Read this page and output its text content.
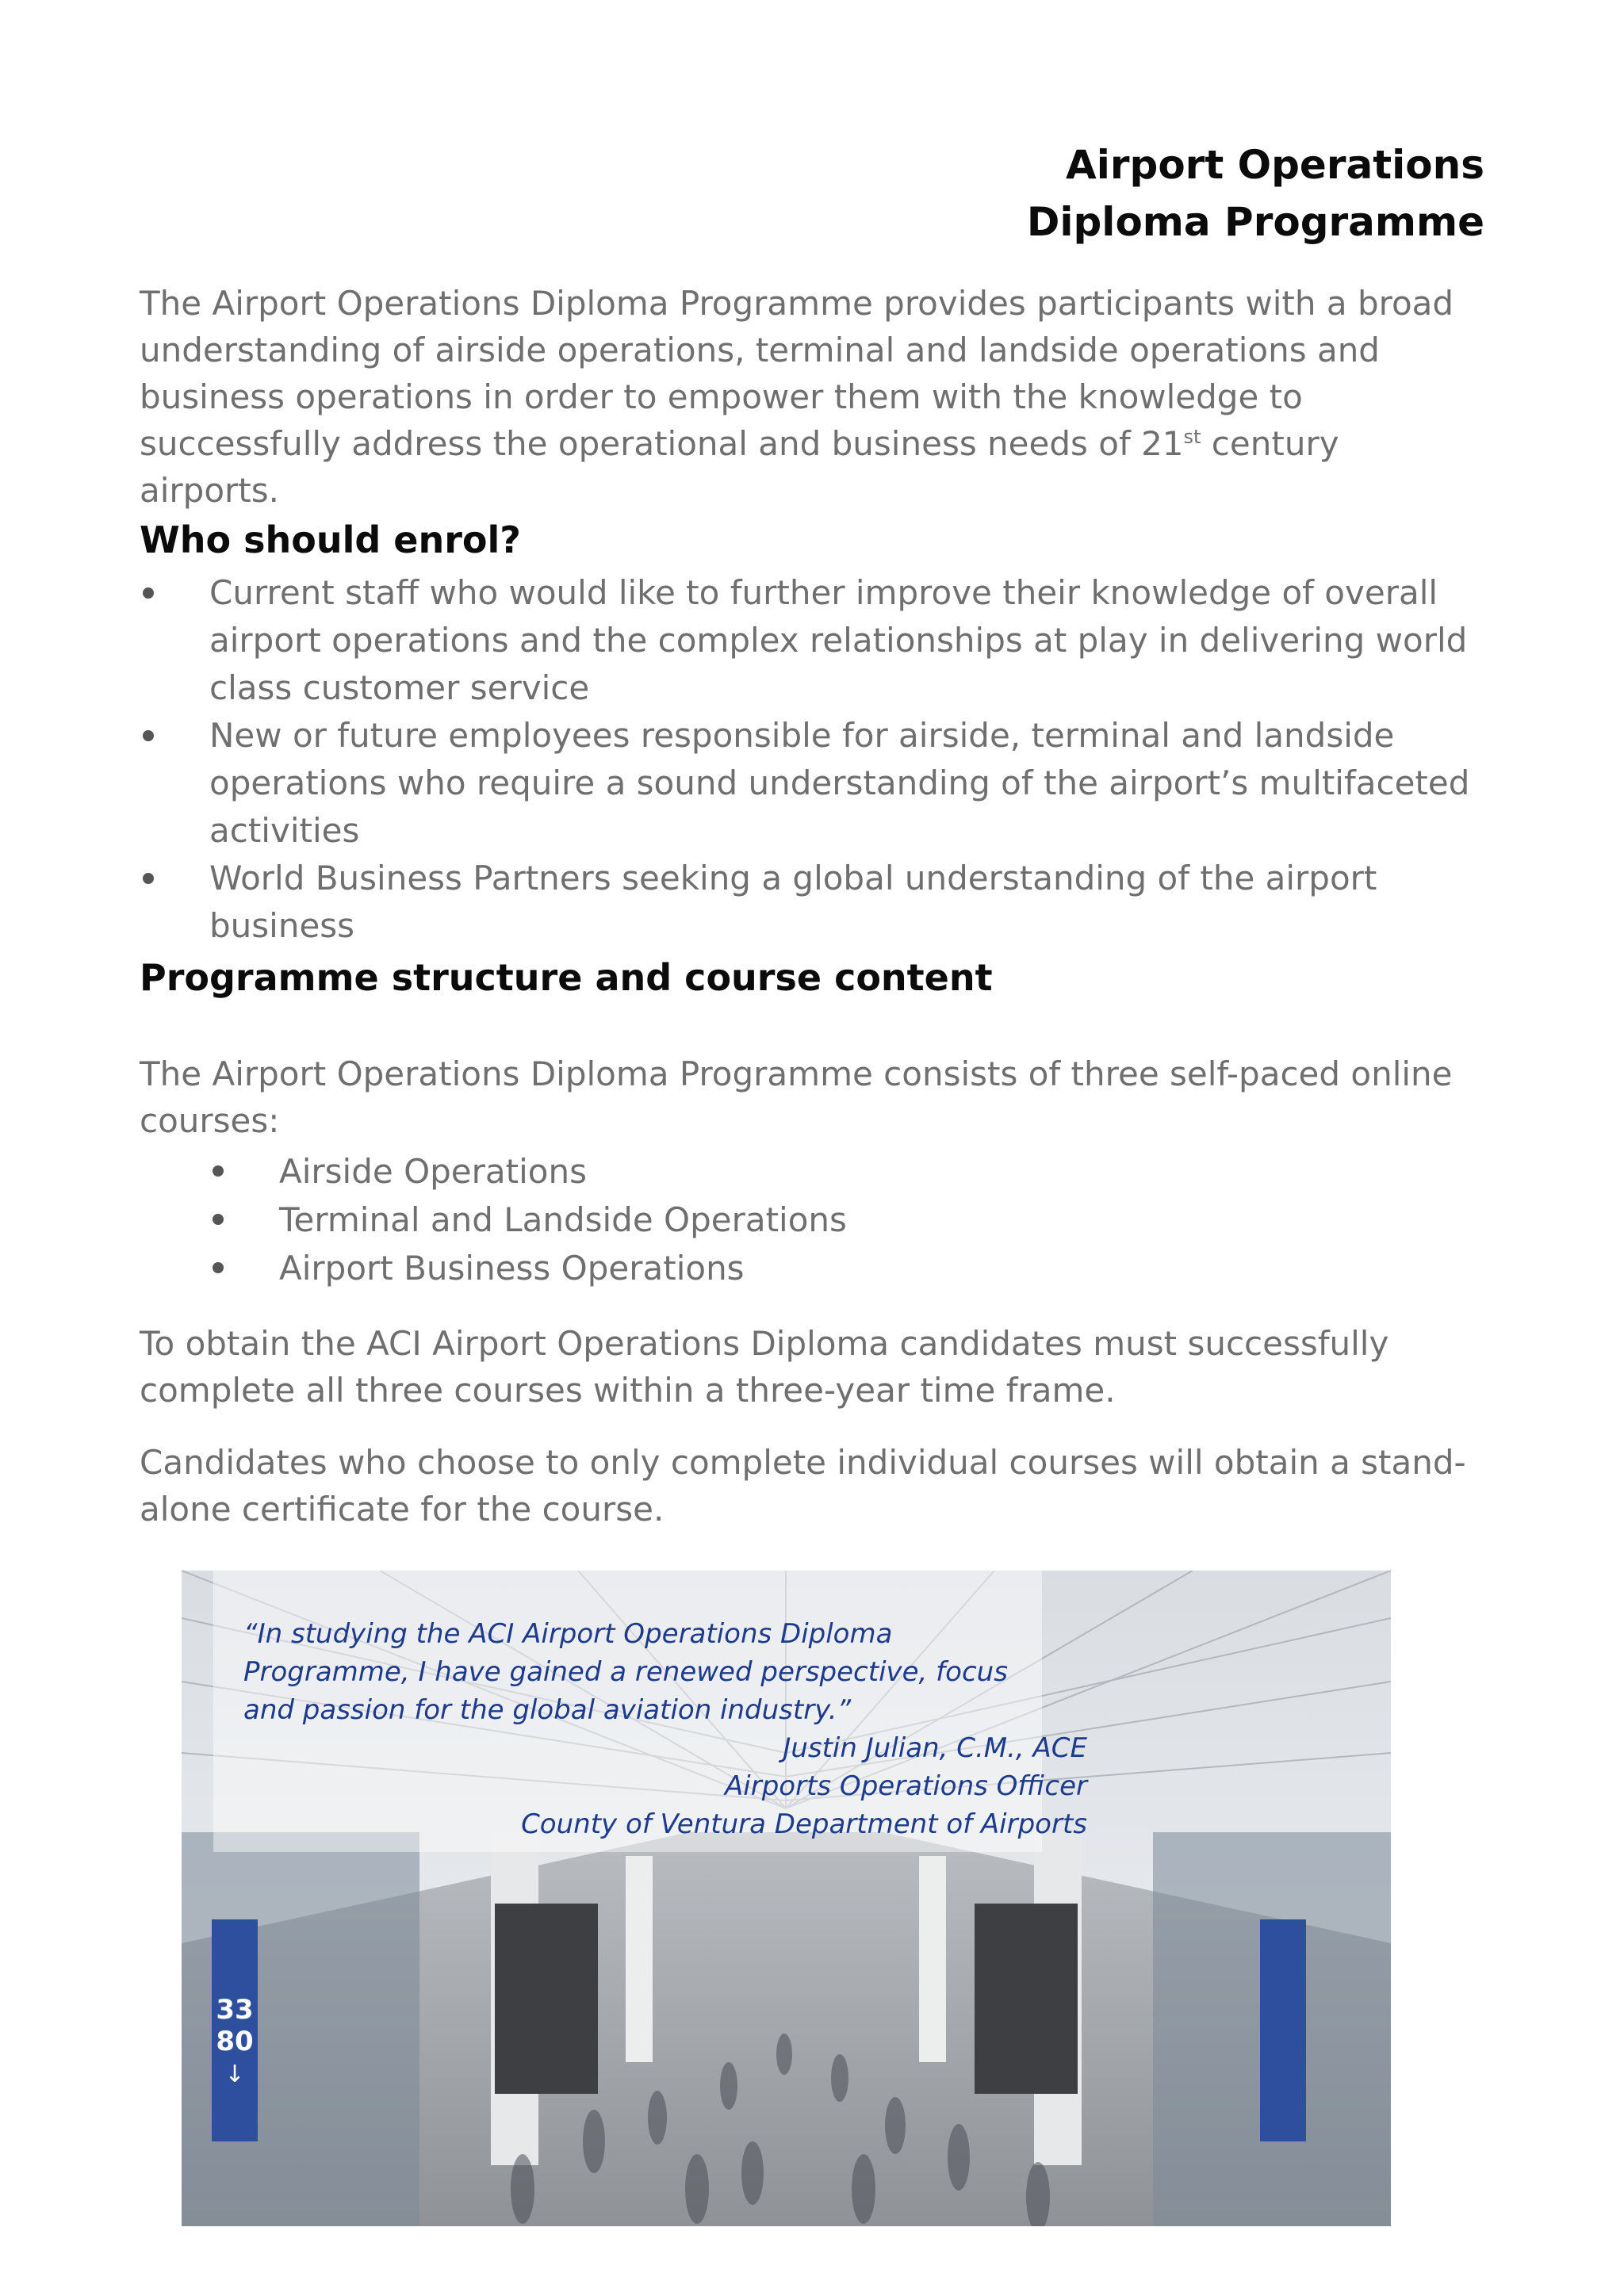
Airport Operations
Diploma Programme
The Airport Operations Diploma Programme provides participants with a broad understanding of airside operations, terminal and landside operations and business operations in order to empower them with the knowledge to successfully address the operational and business needs of 21st century airports.
Who should enrol?
Current staff who would like to further improve their knowledge of overall airport operations and the complex relationships at play in delivering world class customer service
New or future employees responsible for airside, terminal and landside operations who require a sound understanding of the airport’s multifaceted activities
World Business Partners seeking a global understanding of the airport business
Programme structure and course content
The Airport Operations Diploma Programme consists of three self-paced online courses:
Airside Operations
Terminal and Landside Operations
Airport Business Operations
To obtain the ACI Airport Operations Diploma candidates must successfully complete all three courses within a three-year time frame.
Candidates who choose to only complete individual courses will obtain a stand-alone certificate for the course.
33
80
↓
“In studying the ACI Airport Operations Diploma Programme, I have gained a renewed perspective, focus and passion for the global aviation industry.”
Justin Julian, C.M., ACE
Airports Operations Officer
County of Ventura Department of Airports
